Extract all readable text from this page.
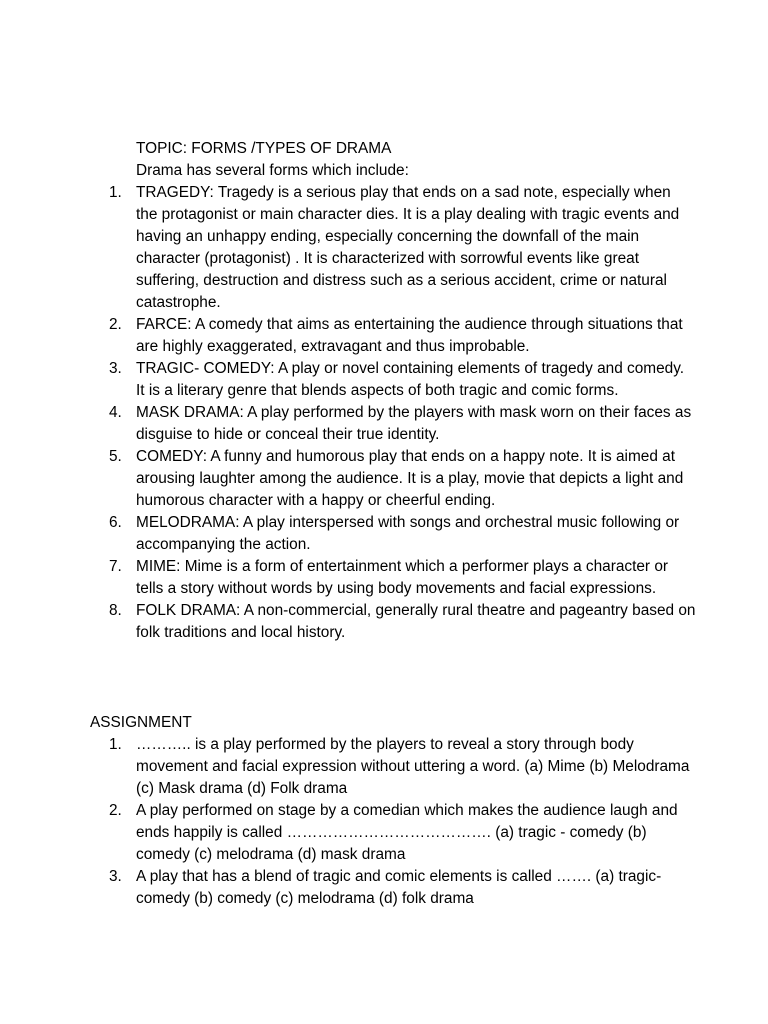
TOPIC: FORMS /TYPES OF DRAMA
Drama has several forms which include:
1. TRAGEDY: Tragedy is a serious play that ends on a sad note, especially when the protagonist or main character dies. It is a play dealing with tragic events and having an unhappy ending, especially concerning the downfall of the main character (protagonist) . It is characterized with sorrowful events like great suffering, destruction and distress such as a serious accident, crime or natural catastrophe.
2. FARCE: A comedy that aims as entertaining the audience through situations that are highly exaggerated, extravagant and thus improbable.
3. TRAGIC- COMEDY: A play or novel containing elements of tragedy and comedy. It is a literary genre that blends aspects of both tragic and comic forms.
4. MASK DRAMA: A play performed by the players with mask worn on their faces as disguise to hide or conceal their true identity.
5. COMEDY: A funny and humorous play that ends on a happy note. It is aimed at arousing laughter among the audience. It is a play, movie that depicts a light and humorous character with a happy or cheerful ending.
6. MELODRAMA: A play interspersed with songs and orchestral music following or accompanying the action.
7. MIME: Mime is a form of entertainment which a performer plays a character or tells a story without words by using body movements and facial expressions.
8. FOLK DRAMA: A non-commercial, generally rural theatre and pageantry based on folk traditions and local history.
ASSIGNMENT
1. ……….. is a play performed by the players to reveal a story through body movement and facial expression without uttering a word. (a) Mime (b) Melodrama (c) Mask drama (d) Folk drama
2. A play performed on stage by a comedian which makes the audience laugh and ends happily is called …………………………………. (a) tragic - comedy (b) comedy (c) melodrama (d) mask drama
3. A play that has a blend of tragic and comic elements is called ……. (a) tragic-comedy (b) comedy (c) melodrama (d) folk drama
